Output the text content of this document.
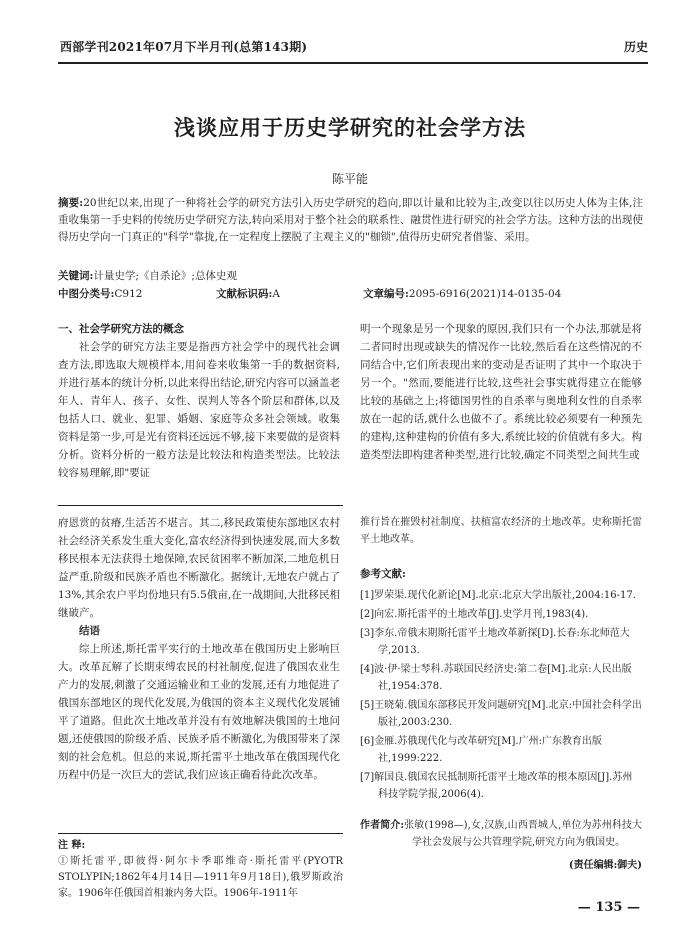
西部学刊2021年07月下半月刊(总第143期)	历史
浅谈应用于历史学研究的社会学方法
陈平能
摘要:20世纪以来,出现了一种将社会学的研究方法引入历史学研究的趋向,即以计量和比较为主,改变以往以历史人体为主体,注重收集第一手史料的传统历史学研究方法,转向采用对于整个社会的联系性、融贯性进行研究的社会学方法。这种方法的出现使得历史学向一门真正的"科学"靠拢,在一定程度上摆脱了主观主义的"枷锁",值得历史研究者借鉴、采用。
关键词:计量史学;《自杀论》;总体史观
中图分类号:C912	文献标识码:A	文章编号:2095-6916(2021)14-0135-04
一、社会学研究方法的概念

社会学的研究方法主要是指西方社会学中的现代社会调查方法,即选取大规模样本,用问卷来收集第一手的数据资料,并进行基本的统计分析,以此来得出结论,研究内容可以涵盖老年人、青年人、孩子、女性、误判人等各个阶层和群体,以及包括人口、就业、犯罪、婚姻、家庭等众多社会领域。收集资料是第一步,可是光有资料还远远不够,接下来要做的是资料分析。资料分析的一般方法是比较法和构造类型法。比较法较容易理解,即"要证

明一个现象是另一个现象的原因,我们只有一个办法,那就是将二者同时出现或缺失的情况作一比较,然后看在这些情况的不同结合中,它们所表现出来的变动是否证明了其中一个取决于另一个。"然而,要能进行比较,这些社会事实就得建立在能够比较的基础之上;将德国男性的自杀率与奥地利女性的自杀率放在一起的话,就什么也做不了。系统比较必须要有一种预先的建构,这种建构的价值有多大,系统比较的价值就有多大。构造类型法即构建者种类型,进行比较,确定不同类型之间共生或

府恩赏的贫瘠,生活苦不堪言。其二,移民政策使东部地区农村社会经济关系发生重大变化,富农经济得到快速发展,而大多数移民根本无法获得土地保障,农民贫困率不断加深,二地危机日益严重,阶级和民族矛盾也不断激化。据统计,无地农户就占了13%,其余农户平均份地只有5.5俄亩,在一战期间,大批移民相继破产。

结语

综上所述,斯托雷平实行的土地改革在俄国历史上影响巨大。改革瓦解了长期束缚农民的村社制度,促进了俄国农业生产力的发展,刺激了交通运输业和工业的发展,还有力地促进了俄国东部地区的现代化发展,为俄国的资本主义现代化发展铺平了道路。但此次土地改革并没有有效地解决俄国的土地问题,还使俄国的阶级矛盾、民族矛盾不断激化,为俄国带来了深刻的社会危机。但总的来说,斯托雷平土地改革在俄国现代化历程中仍是一次巨大的尝试,我们应该正确看待此次改革。

注 释:
①斯托雷平,即彼得·阿尔卡季耶维奇·斯托雷平(PYOTR STOLYPIN;1862年4月14日—1911年9月18日),俄罗斯政治家。1906年任俄国首相兼内务大臣。1906年-1911年
推行旨在摧毁村社制度、扶植富农经济的土地改革。史称斯托雷平土地改革。
参考文献:
[1]罗荣渠.现代化新论[M].北京:北京大学出版社,2004:16-17.
[2]向宏.斯托雷平的土地改革[J].史学月刊,1983(4).
[3]李东.帝俄末期斯托雷平土地改革新探[D].长春:东北师范大学,2013.
[4]波·伊·梁士琴科.苏联国民经济史:第二卷[M].北京:人民出版社,1954:378.
[5]王晓菊.俄国东部移民开发问题研究[M].北京:中国社会科学出版社,2003:230.
[6]金雁.苏俄现代化与改革研究[M].广州:广东教育出版社,1999:222.
[7]解国良.俄国农民抵制斯托雷平土地改革的根本原因[J].苏州科技学院学报,2006(4).
作者简介:张敏(1998—),女,汉族,山西晋城人,单位为苏州科技大学社会发展与公共管理学院,研究方向为俄国史。
(责任编辑:御夫)
— 135 —
